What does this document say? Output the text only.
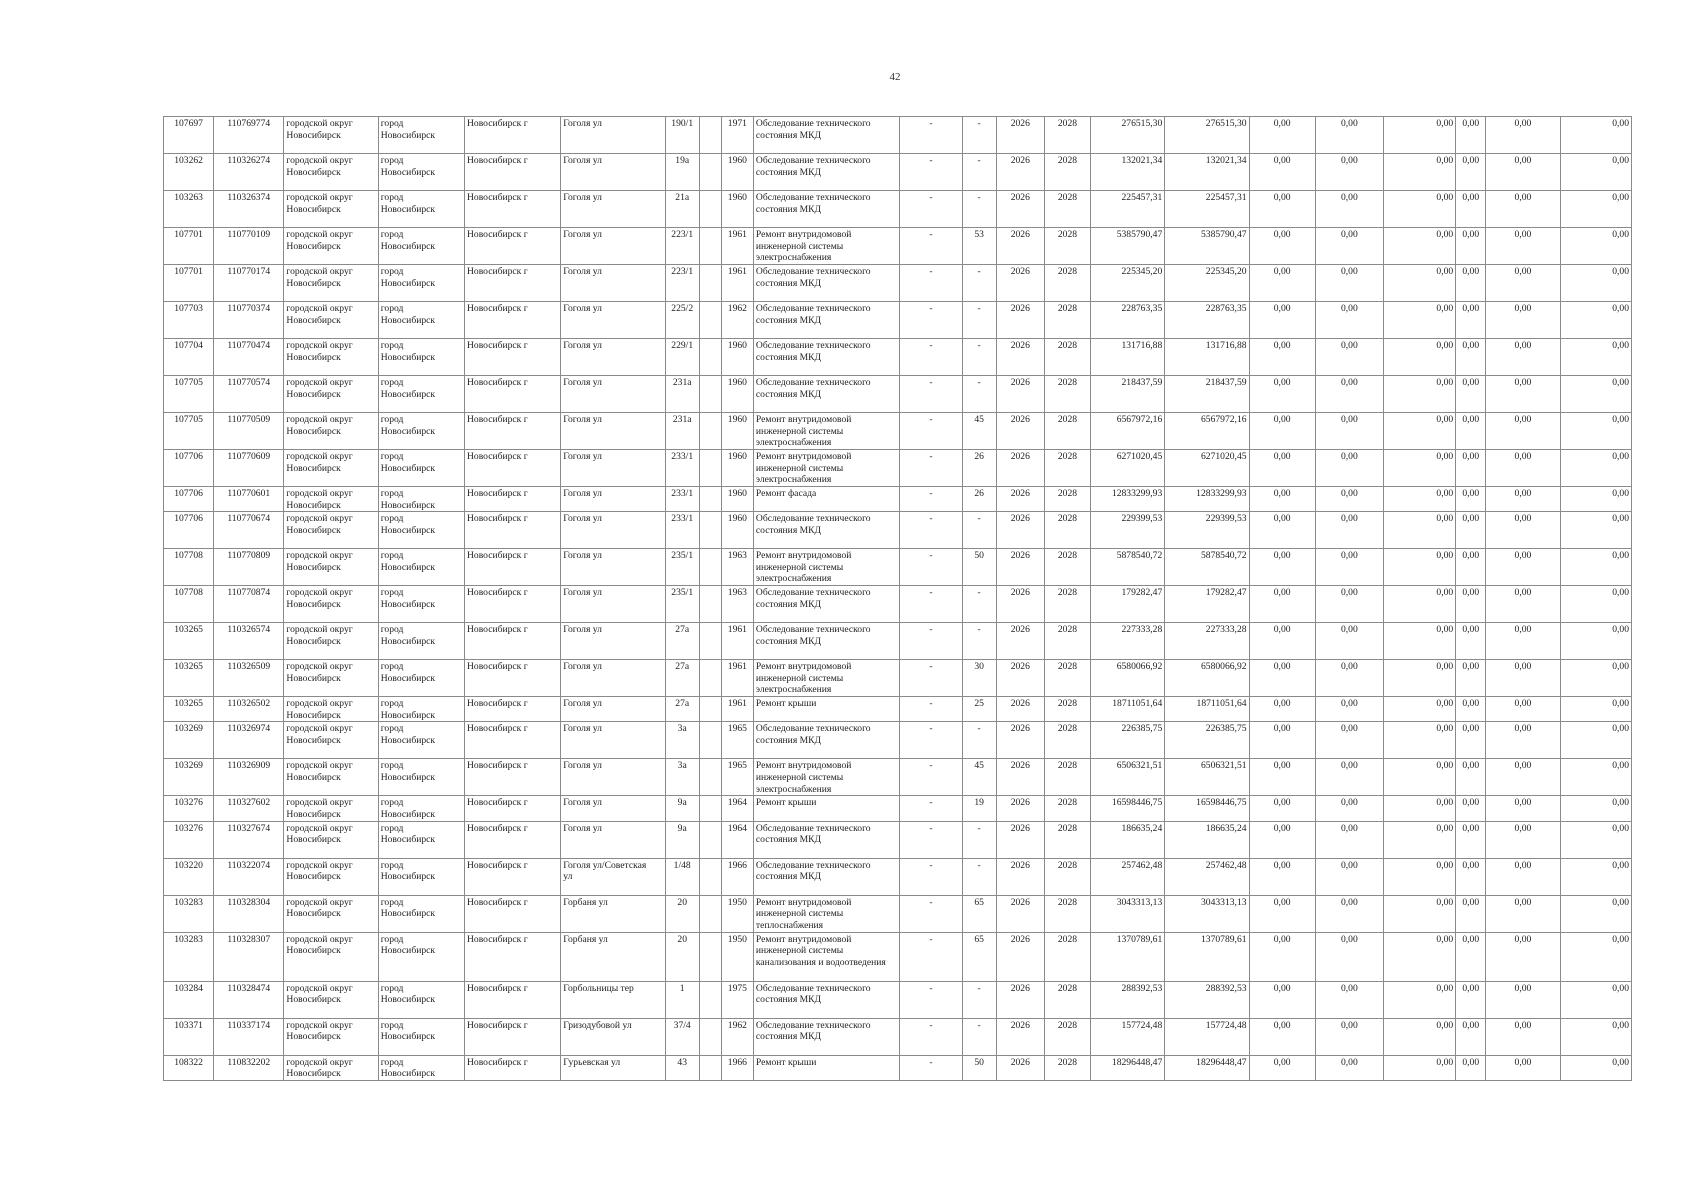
42
107697	110769774	городской округ
Новосибирск	город
Новосибирск	Новосибирск г	Гоголя ул	190/1		1971	Обследование технического
состояния МКД	-	-	2026	2028	276515,30	276515,30	0,00	0,00	0,00	0,00	0,00	0,00
103262	110326274	городской округ
Новосибирск	город
Новосибирск	Новосибирск г	Гоголя ул	19а		1960	Обследование технического
состояния МКД	-	-	2026	2028	132021,34	132021,34	0,00	0,00	0,00	0,00	0,00	0,00
103263	110326374	городской округ
Новосибирск	город
Новосибирск	Новосибирск г	Гоголя ул	21а		1960	Обследование технического
состояния МКД	-	-	2026	2028	225457,31	225457,31	0,00	0,00	0,00	0,00	0,00	0,00
107701	110770109	городской округ
Новосибирск	город
Новосибирск	Новосибирск г	Гоголя ул	223/1		1961	Ремонт внутридомовой
инженерной системы
электроснабжения	-	53	2026	2028	5385790,47	5385790,47	0,00	0,00	0,00	0,00	0,00	0,00
107701	110770174	городской округ
Новосибирск	город
Новосибирск	Новосибирск г	Гоголя ул	223/1		1961	Обследование технического
состояния МКД	-	-	2026	2028	225345,20	225345,20	0,00	0,00	0,00	0,00	0,00	0,00
107703	110770374	городской округ
Новосибирск	город
Новосибирск	Новосибирск г	Гоголя ул	225/2		1962	Обследование технического
состояния МКД	-	-	2026	2028	228763,35	228763,35	0,00	0,00	0,00	0,00	0,00	0,00
107704	110770474	городской округ
Новосибирск	город
Новосибирск	Новосибирск г	Гоголя ул	229/1		1960	Обследование технического
состояния МКД	-	-	2026	2028	131716,88	131716,88	0,00	0,00	0,00	0,00	0,00	0,00
107705	110770574	городской округ
Новосибирск	город
Новосибирск	Новосибирск г	Гоголя ул	231а		1960	Обследование технического
состояния МКД	-	-	2026	2028	218437,59	218437,59	0,00	0,00	0,00	0,00	0,00	0,00
107705	110770509	городской округ
Новосибирск	город
Новосибирск	Новосибирск г	Гоголя ул	231а		1960	Ремонт внутридомовой
инженерной системы
электроснабжения	-	45	2026	2028	6567972,16	6567972,16	0,00	0,00	0,00	0,00	0,00	0,00
107706	110770609	городской округ
Новосибирск	город
Новосибирск	Новосибирск г	Гоголя ул	233/1		1960	Ремонт внутридомовой
инженерной системы
электроснабжения	-	26	2026	2028	6271020,45	6271020,45	0,00	0,00	0,00	0,00	0,00	0,00
107706	110770601	городской округ
Новосибирск	город
Новосибирск	Новосибирск г	Гоголя ул	233/1		1960	Ремонт фасада	-	26	2026	2028	12833299,93	12833299,93	0,00	0,00	0,00	0,00	0,00	0,00
107706	110770674	городской округ
Новосибирск	город
Новосибирск	Новосибирск г	Гоголя ул	233/1		1960	Обследование технического
состояния МКД	-	-	2026	2028	229399,53	229399,53	0,00	0,00	0,00	0,00	0,00	0,00
107708	110770809	городской округ
Новосибирск	город
Новосибирск	Новосибирск г	Гоголя ул	235/1		1963	Ремонт внутридомовой
инженерной системы
электроснабжения	-	50	2026	2028	5878540,72	5878540,72	0,00	0,00	0,00	0,00	0,00	0,00
107708	110770874	городской округ
Новосибирск	город
Новосибирск	Новосибирск г	Гоголя ул	235/1		1963	Обследование технического
состояния МКД	-	-	2026	2028	179282,47	179282,47	0,00	0,00	0,00	0,00	0,00	0,00
103265	110326574	городской округ
Новосибирск	город
Новосибирск	Новосибирск г	Гоголя ул	27а		1961	Обследование технического
состояния МКД	-	-	2026	2028	227333,28	227333,28	0,00	0,00	0,00	0,00	0,00	0,00
103265	110326509	городской округ
Новосибирск	город
Новосибирск	Новосибирск г	Гоголя ул	27а		1961	Ремонт внутридомовой
инженерной системы
электроснабжения	-	30	2026	2028	6580066,92	6580066,92	0,00	0,00	0,00	0,00	0,00	0,00
103265	110326502	городской округ
Новосибирск	город
Новосибирск	Новосибирск г	Гоголя ул	27а		1961	Ремонт крыши	-	25	2026	2028	18711051,64	18711051,64	0,00	0,00	0,00	0,00	0,00	0,00
103269	110326974	городской округ
Новосибирск	город
Новосибирск	Новосибирск г	Гоголя ул	3а		1965	Обследование технического
состояния МКД	-	-	2026	2028	226385,75	226385,75	0,00	0,00	0,00	0,00	0,00	0,00
103269	110326909	городской округ
Новосибирск	город
Новосибирск	Новосибирск г	Гоголя ул	3а		1965	Ремонт внутридомовой
инженерной системы
электроснабжения	-	45	2026	2028	6506321,51	6506321,51	0,00	0,00	0,00	0,00	0,00	0,00
103276	110327602	городской округ
Новосибирск	город
Новосибирск	Новосибирск г	Гоголя ул	9а		1964	Ремонт крыши	-	19	2026	2028	16598446,75	16598446,75	0,00	0,00	0,00	0,00	0,00	0,00
103276	110327674	городской округ
Новосибирск	город
Новосибирск	Новосибирск г	Гоголя ул	9а		1964	Обследование технического
состояния МКД	-	-	2026	2028	186635,24	186635,24	0,00	0,00	0,00	0,00	0,00	0,00
103220	110322074	городской округ
Новосибирск	город
Новосибирск	Новосибирск г	Гоголя ул/Советская
ул	1/48		1966	Обследование технического
состояния МКД	-	-	2026	2028	257462,48	257462,48	0,00	0,00	0,00	0,00	0,00	0,00
103283	110328304	городской округ
Новосибирск	город
Новосибирск	Новосибирск г	Горбаня ул	20		1950	Ремонт внутридомовой
инженерной системы
теплоснабжения	-	65	2026	2028	3043313,13	3043313,13	0,00	0,00	0,00	0,00	0,00	0,00
103283	110328307	городской округ
Новосибирск	город
Новосибирск	Новосибирск г	Горбаня ул	20		1950	Ремонт внутридомовой
инженерной системы
канализования и водоотведения	-	65	2026	2028	1370789,61	1370789,61	0,00	0,00	0,00	0,00	0,00	0,00
103284	110328474	городской округ
Новосибирск	город
Новосибирск	Новосибирск г	Горбольницы тер	1		1975	Обследование технического
состояния МКД	-	-	2026	2028	288392,53	288392,53	0,00	0,00	0,00	0,00	0,00	0,00
103371	110337174	городской округ
Новосибирск	город
Новосибирск	Новосибирск г	Гризодубовой ул	37/4		1962	Обследование технического
состояния МКД	-	-	2026	2028	157724,48	157724,48	0,00	0,00	0,00	0,00	0,00	0,00
108322	110832202	городской округ
Новосибирск	город
Новосибирск	Новосибирск г	Гурьевская ул	43		1966	Ремонт крыши	-	50	2026	2028	18296448,47	18296448,47	0,00	0,00	0,00	0,00	0,00	0,00
